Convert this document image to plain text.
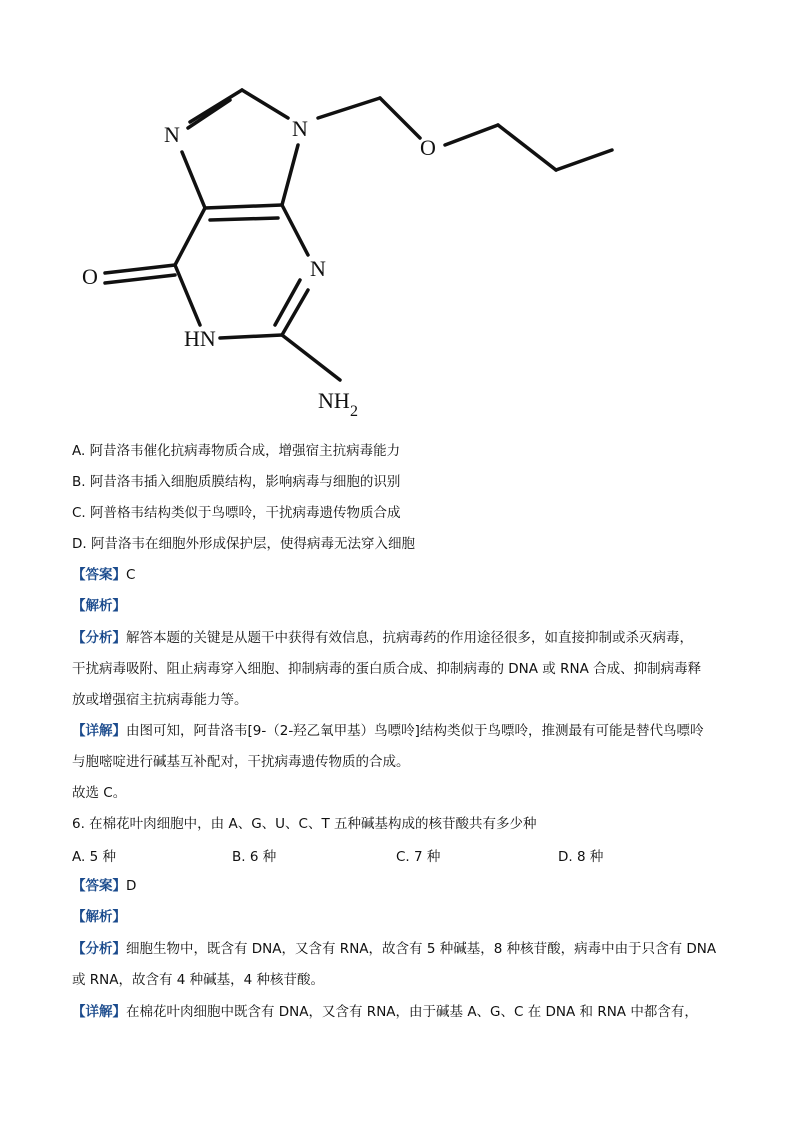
N	N
O
O	N
HN
NH 2
A. 阿昔洛韦催化抗病毒物质合成，增强宿主抗病毒能力
B. 阿昔洛韦插入细胞质膜结构，影响病毒与细胞的识别
C. 阿普格韦结构类似于鸟嘌呤，干扰病毒遗传物质合成
D. 阿昔洛韦在细胞外形成保护层，使得病毒无法穿入细胞
【答案】C
【解析】
【分析】解答本题的关键是从题干中获得有效信息，抗病毒药的作用途径很多，如直接抑制或杀灭病毒，
干扰病毒吸附、阻止病毒穿入细胞、抑制病毒的蛋白质合成、抑制病毒的 DNA 或 RNA 合成、抑制病毒释
放或增强宿主抗病毒能力等。
【详解】由图可知，阿昔洛韦[9-（2-羟乙氧甲基）鸟嘌呤]结构类似于鸟嘌呤，推测最有可能是替代鸟嘌呤
与胞嘧啶进行碱基互补配对，干扰病毒遗传物质的合成。
故选 C。
6. 在棉花叶肉细胞中，由 A、G、U、C、T 五种碱基构成的核苷酸共有多少种
A. 5 种	B. 6 种	C. 7 种	D. 8 种
【答案】D
【解析】
【分析】细胞生物中，既含有 DNA，又含有 RNA，故含有 5 种碱基，8 种核苷酸，病毒中由于只含有 DNA
或 RNA，故含有 4 种碱基，4 种核苷酸。
【详解】在棉花叶肉细胞中既含有 DNA，又含有 RNA，由于碱基 A、G、C 在 DNA 和 RNA 中都含有，
